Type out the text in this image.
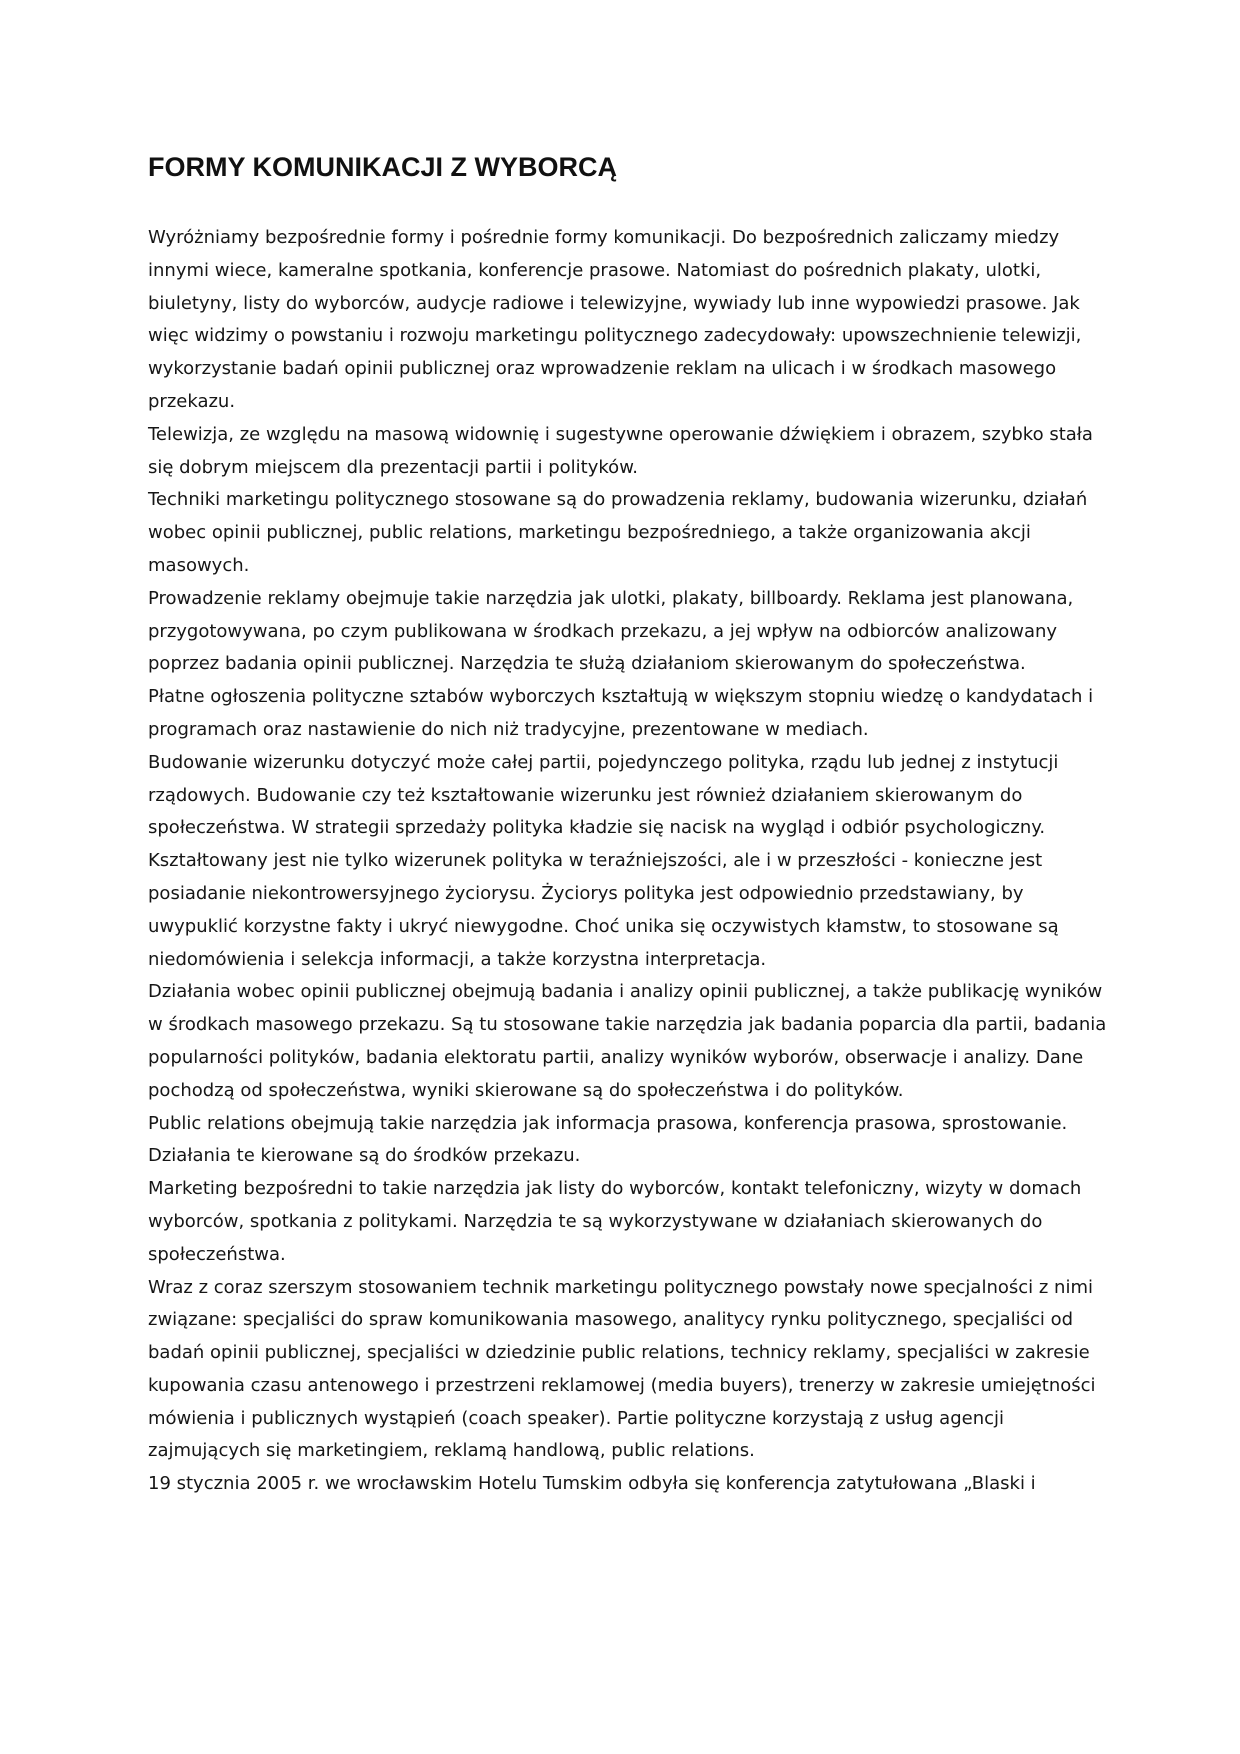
FORMY KOMUNIKACJI Z WYBORCĄ

Wyróżniamy bezpośrednie formy i pośrednie formy komunikacji. Do bezpośrednich zaliczamy miedzy innymi wiece, kameralne spotkania, konferencje prasowe. Natomiast do pośrednich plakaty, ulotki, biuletyny, listy do wyborców, audycje radiowe i telewizyjne, wywiady lub inne wypowiedzi prasowe. Jak więc widzimy o powstaniu i rozwoju marketingu politycznego zadecydowały: upowszechnienie telewizji, wykorzystanie badań opinii publicznej oraz wprowadzenie reklam na ulicach i w środkach masowego przekazu.

Telewizja, ze względu na masową widownię i sugestywne operowanie dźwiękiem i obrazem, szybko stała się dobrym miejscem dla prezentacji partii i polityków.

Techniki marketingu politycznego stosowane są do prowadzenia reklamy, budowania wizerunku, działań wobec opinii publicznej, public relations, marketingu bezpośredniego, a także organizowania akcji masowych.

Prowadzenie reklamy obejmuje takie narzędzia jak ulotki, plakaty, billboardy. Reklama jest planowana, przygotowywana, po czym publikowana w środkach przekazu, a jej wpływ na odbiorców analizowany poprzez badania opinii publicznej. Narzędzia te służą działaniom skierowanym do społeczeństwa.

Płatne ogłoszenia polityczne sztabów wyborczych kształtują w większym stopniu wiedzę o kandydatach i programach oraz nastawienie do nich niż tradycyjne, prezentowane w mediach.

Budowanie wizerunku dotyczyć może całej partii, pojedynczego polityka, rządu lub jednej z instytucji rządowych. Budowanie czy też kształtowanie wizerunku jest również działaniem skierowanym do społeczeństwa. W strategii sprzedaży polityka kładzie się nacisk na wygląd i odbiór psychologiczny. Kształtowany jest nie tylko wizerunek polityka w teraźniejszości, ale i w przeszłości - konieczne jest posiadanie niekontrowersyjnego życiorysu. Życiorys polityka jest odpowiednio przedstawiany, by uwypuklić korzystne fakty i ukryć niewygodne. Choć unika się oczywistych kłamstw, to stosowane są niedomówienia i selekcja informacji, a także korzystna interpretacja.

Działania wobec opinii publicznej obejmują badania i analizy opinii publicznej, a także publikację wyników w środkach masowego przekazu. Są tu stosowane takie narzędzia jak badania poparcia dla partii, badania popularności polityków, badania elektoratu partii, analizy wyników wyborów, obserwacje i analizy. Dane pochodzą od społeczeństwa, wyniki skierowane są do społeczeństwa i do polityków.

Public relations obejmują takie narzędzia jak informacja prasowa, konferencja prasowa, sprostowanie. Działania te kierowane są do środków przekazu.

Marketing bezpośredni to takie narzędzia jak listy do wyborców, kontakt telefoniczny, wizyty w domach wyborców, spotkania z politykami. Narzędzia te są wykorzystywane w działaniach skierowanych do społeczeństwa.

Wraz z coraz szerszym stosowaniem technik marketingu politycznego powstały nowe specjalności z nimi związane: specjaliści do spraw komunikowania masowego, analitycy rynku politycznego, specjaliści od badań opinii publicznej, specjaliści w dziedzinie public relations, technicy reklamy, specjaliści w zakresie kupowania czasu antenowego i przestrzeni reklamowej (media buyers), trenerzy w zakresie umiejętności mówienia i publicznych wystąpień (coach speaker). Partie polityczne korzystają z usług agencji zajmujących się marketingiem, reklamą handlową, public relations.

19 stycznia 2005 r. we wrocławskim Hotelu Tumskim odbyła się konferencja zatytułowana „Blaski i
